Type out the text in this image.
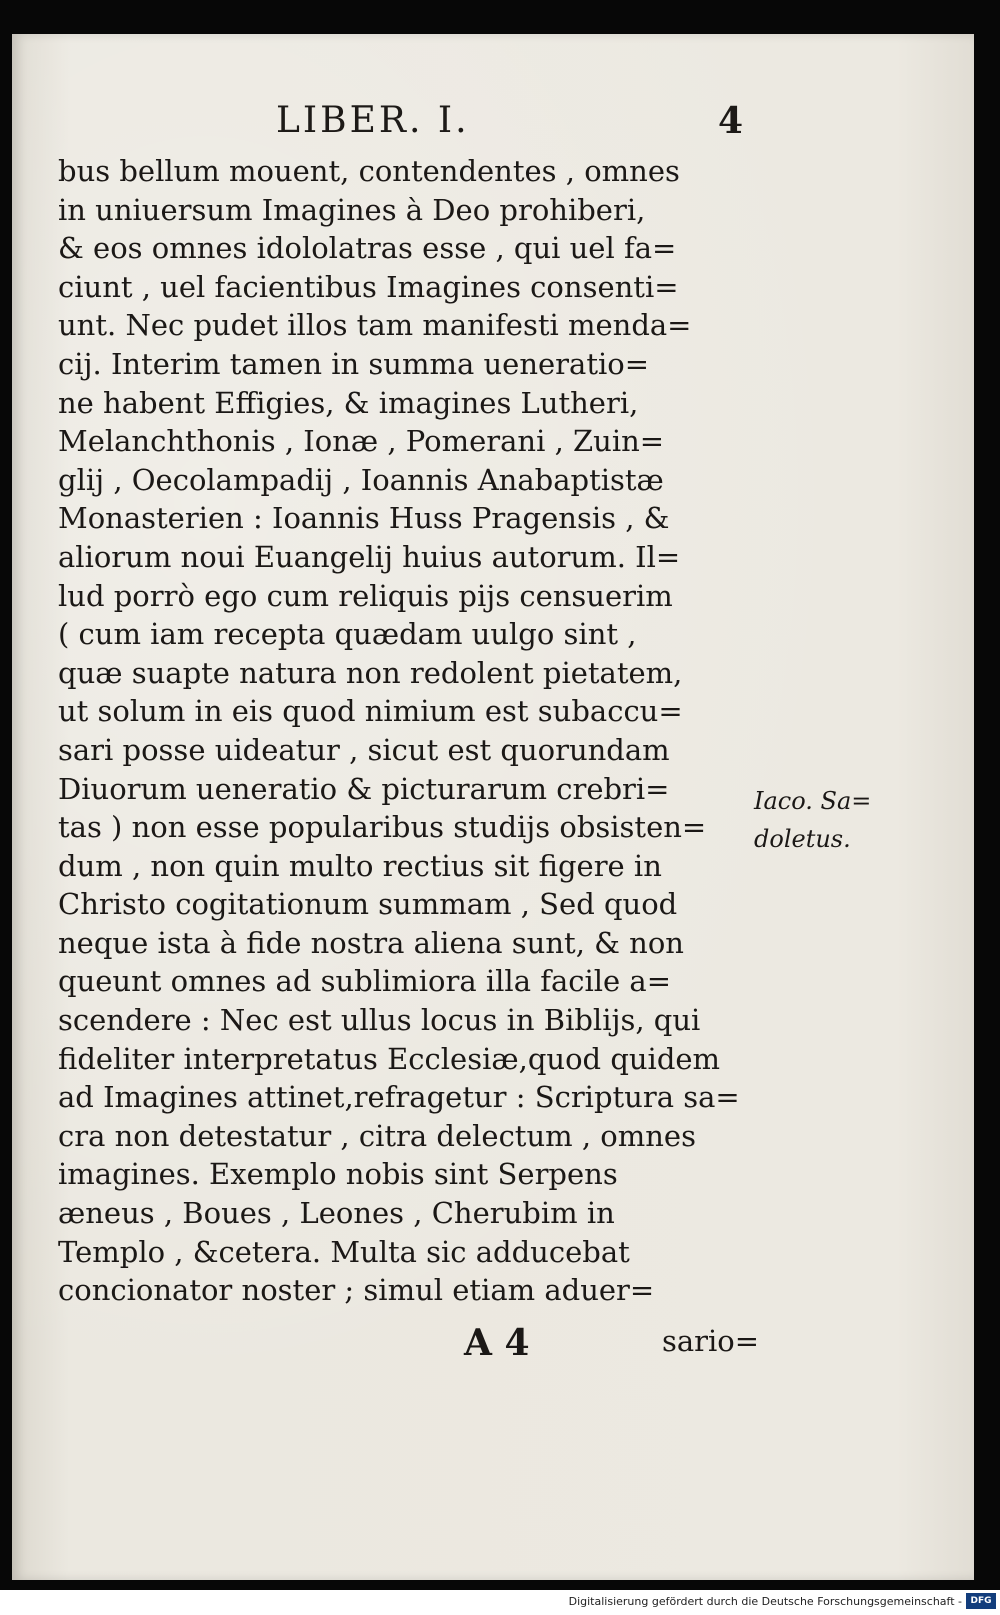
LIBER. I.	4
bus bellum mouent, contendentes , omnes
in uniuersum Imagines à Deo prohiberi,
& eos omnes idololatras esse , qui uel fa=
ciunt , uel facientibus Imagines consenti=
unt. Nec pudet illos tam manifesti menda=
cij. Interim tamen in summa ueneratio=
ne habent Effigies, & imagines Lutheri,
Melanchthonis , Ionæ , Pomerani , Zuin=
glij , Oecolampadij , Ioannis Anabaptistæ
Monasterien : Ioannis Huss Pragensis , &
aliorum noui Euangelij huius autorum. Il=
lud porrò ego cum reliquis pijs censuerim
( cum iam recepta quædam uulgo sint ,
quæ suapte natura non redolent pietatem,
ut solum in eis quod nimium est subaccu=
sari posse uideatur , sicut est quorundam
Diuorum ueneratio & picturarum crebri=
tas ) non esse popularibus studijs obsisten=
dum , non quin multo rectius sit figere in
Christo cogitationum summam , Sed quod
neque ista à fide nostra aliena sunt, & non
queunt omnes ad sublimiora illa facile a=
scendere : Nec est ullus locus in Biblijs, qui
fideliter interpretatus Ecclesiæ,quod quidem
ad Imagines attinet,refragetur : Scriptura sa=
cra non detestatur , citra delectum , omnes
imagines. Exemplo nobis sint Serpens
æneus , Boues , Leones , Cherubim in
Templo , &cetera. Multa sic adducebat
concionator noster ; simul etiam aduer=
Iaco. Sa=
doletus.
A 4	sario=
Digitalisierung gefördert durch die Deutsche Forschungsgemeinschaft - DFG
